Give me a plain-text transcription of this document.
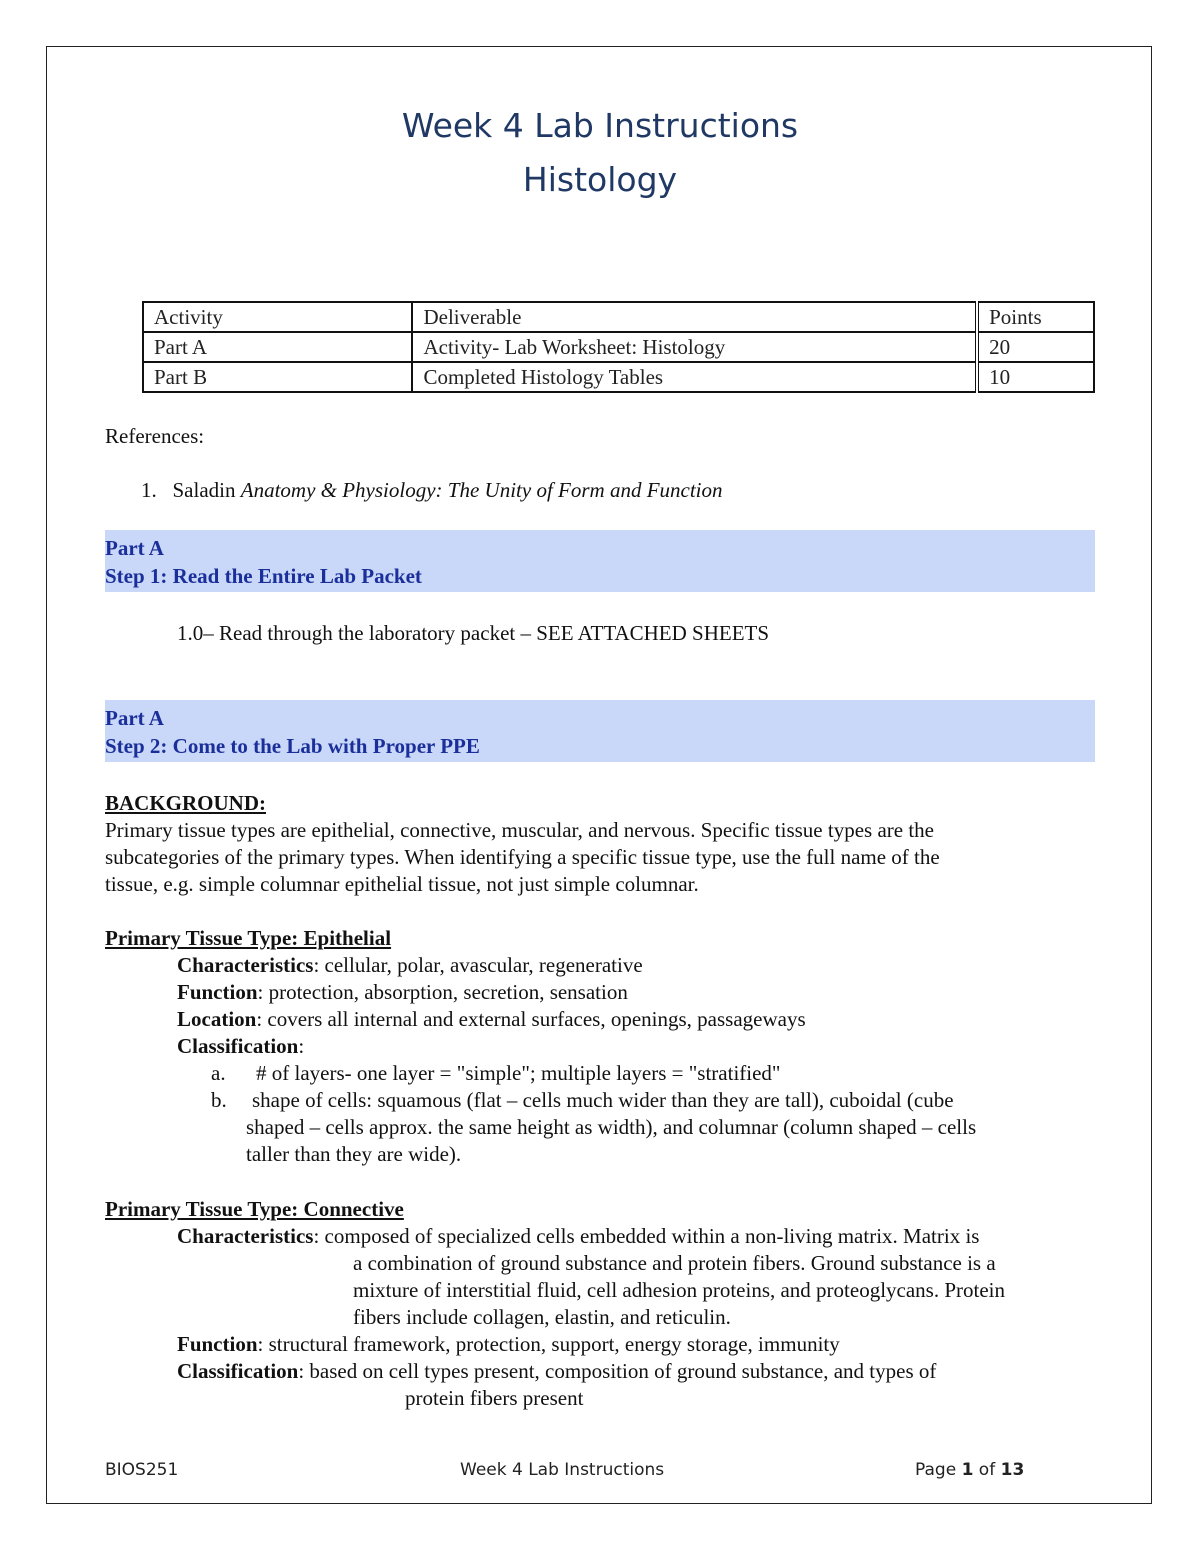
Week 4 Lab Instructions
Histology
Activity	Deliverable	Points
Part A	Activity- Lab Worksheet: Histology	20
Part B	Completed Histology Tables	10
References:
1. Saladin Anatomy & Physiology: The Unity of Form and Function
Part A
Step 1: Read the Entire Lab Packet
1.0– Read through the laboratory packet – SEE ATTACHED SHEETS
Part A
Step 2: Come to the Lab with Proper PPE
BACKGROUND:
Primary tissue types are epithelial, connective, muscular, and nervous. Specific tissue types are the
subcategories of the primary types. When identifying a specific tissue type, use the full name of the
tissue, e.g. simple columnar epithelial tissue, not just simple columnar.
Primary Tissue Type: Epithelial
Characteristics: cellular, polar, avascular, regenerative
Function: protection, absorption, secretion, sensation
Location: covers all internal and external surfaces, openings, passageways
Classification:
a. # of layers- one layer = "simple"; multiple layers = "stratified"
b. shape of cells: squamous (flat – cells much wider than they are tall), cuboidal (cube
shaped – cells approx. the same height as width), and columnar (column shaped – cells
taller than they are wide).
Primary Tissue Type: Connective
Characteristics: composed of specialized cells embedded within a non-living matrix. Matrix is
a combination of ground substance and protein fibers. Ground substance is a
mixture of interstitial fluid, cell adhesion proteins, and proteoglycans. Protein
fibers include collagen, elastin, and reticulin.
Function: structural framework, protection, support, energy storage, immunity
Classification: based on cell types present, composition of ground substance, and types of
protein fibers present
BIOS251	Week 4 Lab Instructions	Page 1 of 13
